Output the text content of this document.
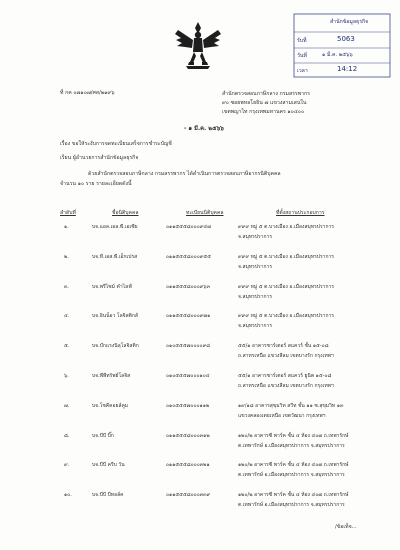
สำนักข้อมูลธุรกิจ
รับที่	5063
วันที่	๑ มี.ค. ๒๕๖๖
เวลา	14:12
ที่ กค ๐๗๑๐๗/ศส/๒๑๙๖	สำนักตรวจสอบภาษีกลาง กรมสรรพากร
๙๐ ซอยพหลโยธิน ๗ แขวงสามเสนใน
เขตพญาไท กรุงเทพมหานคร ๑๐๔๐๐
- ๑ มี.ค. ๒๕๖๖
เรื่อง ขอให้ระงับการจดทะเบียนเสร็จการชำระบัญชี
เรียน ผู้อำนวยการสำนักข้อมูลธุรกิจ
ด้วยสำนักตรวจสอบภาษีกลาง กรมสรรพากร ได้ดำเนินการตรวจสอบภาษีอากรนิติบุคคล
จำนวน ๑๐ ราย รายละเอียดดังนี้
ลำดับที่	ชื่อนิติบุคคล	ทะเบียนนิติบุคคล	ที่ตั้งสถานประกอบการ
๑.	บจ.แอล.เอล.พี.เอเซีย	๐๑๑๕๕๕๘๐๐๐๙๔๗	๙๙๙ หมู่ ๕ ต.บางเมือง อ.เมืองสมุทรปราการ
จ.สมุทรปราการ
๒.	บจ.ที.เอส.พี.เอ็กเปรส	๐๑๑๕๕๕๘๐๐๐๙๕๕	๙๙๙ หมู่ ๕ ต.บางเมือง อ.เมืองสมุทรปราการ
จ.สมุทรปราการ
๓.	บจ.พรีไซม์ คำไลฟ์	๐๑๑๕๕๕๘๐๐๐๙๖๓	๙๙๙ หมู่ ๕ ต.บางเมือง อ.เมืองสมุทรปราการ
จ.สมุทรปราการ
๔.	บจ.อินน็อว โลจิสติกส์	๐๑๑๕๕๕๘๐๐๐๙๗๑	๙๙๙ หมู่ ๕ ต.บางเมือง อ.เมืองสมุทรปราการ
จ.สมุทรปราการ
๕.	บจ.บ๊กแรงนิลุโลจิสติก	๐๑๐๕๕๕๗๐๐๐๐๙๘	๕๕/๑ อาคารชาร์เตอร์ สแควร์ ชั้น ๑๕-๐๘
ถ.สาทรเหนือ แขวงสีลม เขตบางรัก กรุงเทพฯ
๖.	บจ.พีพีทรัพย์โลจิส	๐๑๐๕๕๕๗๐๐๐๑๐๔	๕๕/๑ อาคารชาร์เตอร์ สแควร์ ยูนิต ๑๕-๐๘
ถ.สาทรเหนือ แขวงสีลม เขตบางรัก กรุงเทพฯ
๗.	บจ.โชคีคอยล์คูม	๐๑๐๕๕๕๗๐๐๐๑๑๒	๑๙/๑๘ อาคารสุขุมวิท สวีท ชั้น ๑๑ ซ.สุขุมวิท ๑๓
แขวงคลองเตยเหนือ เขตวัฒนา กรุงเทพฯ
๘.	บจ.บีบี บิ๊ก	๐๑๑๕๕๕๘๐๐๐๓๑๒	๑๒๐/๒ อาคารซี พาร์ค ชั้น ๔ ห้อง ๔๐๗ ถ.เทพารักษ์
ต.เทพารักษ์ อ.เมืองสมุทรปราการ จ.สมุทรปราการ
๙.	บจ.บีบี ครีบ วัน	๐๑๑๕๕๕๘๐๐๐๓๒๑	๑๒๐/๒ อาคารซี พาร์ค ชั้น ๔ ห้อง ๔๐๗ ถ.เทพารักษ์
ต.เทพารักษ์ อ.เมืองสมุทรปราการ จ.สมุทรปราการ
๑๐.	บจ.บีบี บีทอล์ค	๐๑๑๕๕๕๘๐๐๐๓๓๙	๑๒๐/๒ อาคารซี พาร์ค ชั้น ๔ ห้อง ๔๐๗ ถ.เทพารักษ์
ต.เทพารักษ์ อ.เมืองสมุทรปราการ จ.สมุทรปราการ
/ข้อเท็จ...
